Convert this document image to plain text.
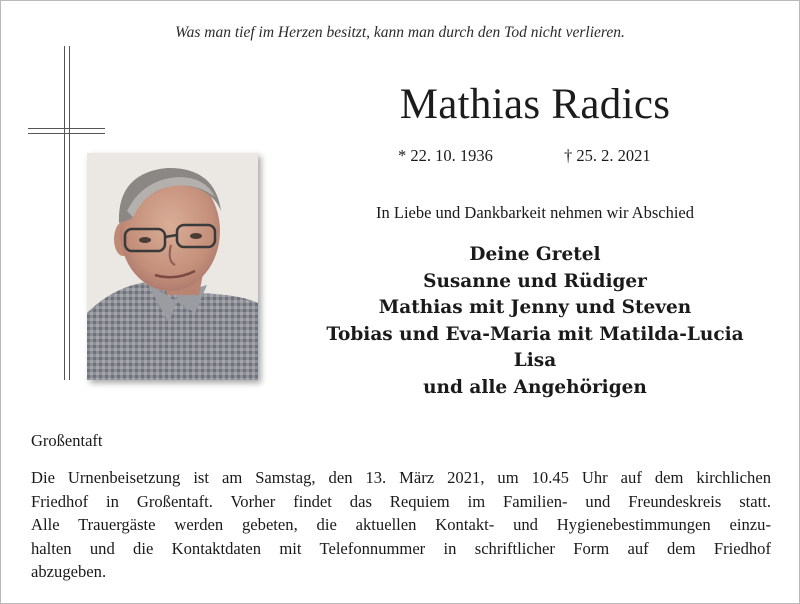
Was man tief im Herzen besitzt, kann man durch den Tod nicht verlieren.
Mathias Radics
* 22. 10. 1936	† 25. 2. 2021
In Liebe und Dankbarkeit nehmen wir Abschied
Deine Gretel
Susanne und Rüdiger
Mathias mit Jenny und Steven
Tobias und Eva-Maria mit Matilda-Lucia
Lisa
und alle Angehörigen
Großentaft
Die Urnenbeisetzung ist am Samstag, den 13. März 2021, um 10.45 Uhr auf dem kirchlichen
Friedhof in Großentaft. Vorher findet das Requiem im Familien- und Freundeskreis statt.
Alle Trauergäste werden gebeten, die aktuellen Kontakt- und Hygienebestimmungen einzu-
halten und die Kontaktdaten mit Telefonnummer in schriftlicher Form auf dem Friedhof
abzugeben.
